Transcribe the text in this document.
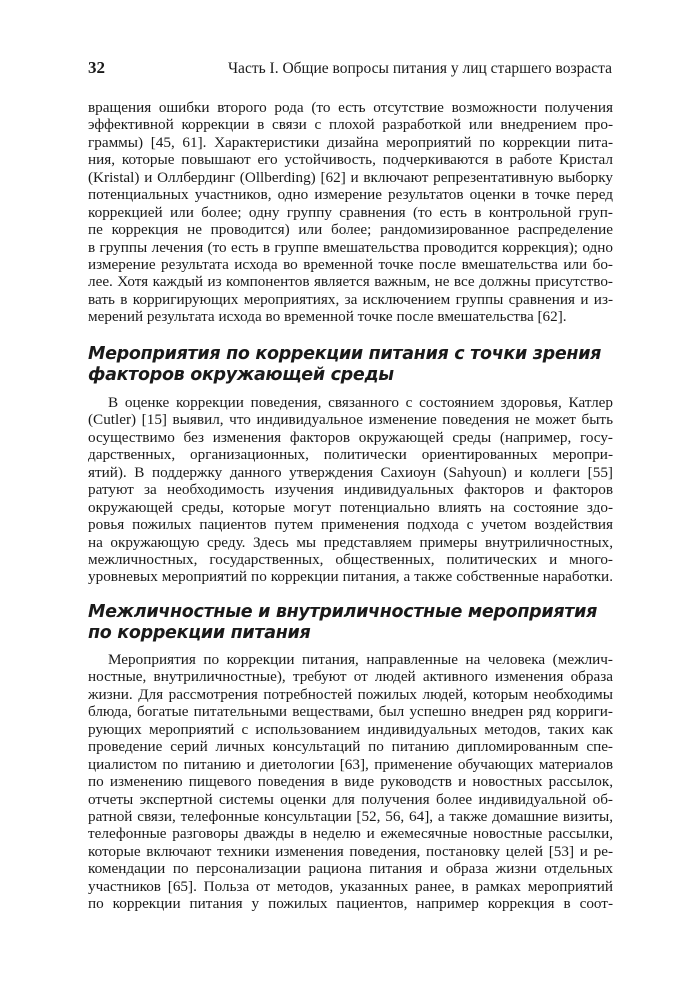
32	Часть I. Общие вопросы питания у лиц старшего возраста
вращения ошибки второго рода (то есть отсутствие возможности получения
эффективной коррекции в связи с плохой разработкой или внедрением про-
граммы) [45, 61]. Характеристики дизайна мероприятий по коррекции пита-
ния, которые повышают его устойчивость, подчеркиваются в работе Кристал
(Kristal) и Оллбердинг (Ollberding) [62] и включают репрезентативную выборку
потенциальных участников, одно измерение результатов оценки в точке перед
коррекцией или более; одну группу сравнения (то есть в контрольной груп-
пе коррекция не проводится) или более; рандомизированное распределение
в группы лечения (то есть в группе вмешательства проводится коррекция); одно
измерение результата исхода во временной точке после вмешательства или бо-
лее. Хотя каждый из компонентов является важным, не все должны присутство-
вать в корригирующих мероприятиях, за исключением группы сравнения и из-
мерений результата исхода во временной точке после вмешательства [62].
Мероприятия по коррекции питания с точки зрения
факторов окружающей среды
В оценке коррекции поведения, связанного с состоянием здоровья, Катлер
(Cutler) [15] выявил, что индивидуальное изменение поведения не может быть
осуществимо без изменения факторов окружающей среды (например, госу-
дарственных, организационных, политически ориентированных меропри-
ятий). В поддержку данного утверждения Сахиоун (Sahyoun) и коллеги [55]
ратуют за необходимость изучения индивидуальных факторов и факторов
окружающей среды, которые могут потенциально влиять на состояние здо-
ровья пожилых пациентов путем применения подхода с учетом воздействия
на окружающую среду. Здесь мы представляем примеры внутриличностных,
межличностных, государственных, общественных, политических и много-
уровневых мероприятий по коррекции питания, а также собственные наработки.
Межличностные и внутриличностные мероприятия
по коррекции питания
Мероприятия по коррекции питания, направленные на человека (межлич-
ностные, внутриличностные), требуют от людей активного изменения образа
жизни. Для рассмотрения потребностей пожилых людей, которым необходимы
блюда, богатые питательными веществами, был успешно внедрен ряд корриги-
рующих мероприятий с использованием индивидуальных методов, таких как
проведение серий личных консультаций по питанию дипломированным спе-
циалистом по питанию и диетологии [63], применение обучающих материалов
по изменению пищевого поведения в виде руководств и новостных рассылок,
отчеты экспертной системы оценки для получения более индивидуальной об-
ратной связи, телефонные консультации [52, 56, 64], а также домашние визиты,
телефонные разговоры дважды в неделю и ежемесячные новостные рассылки,
которые включают техники изменения поведения, постановку целей [53] и ре-
комендации по персонализации рациона питания и образа жизни отдельных
участников [65]. Польза от методов, указанных ранее, в рамках мероприятий
по коррекции питания у пожилых пациентов, например коррекция в соот-
